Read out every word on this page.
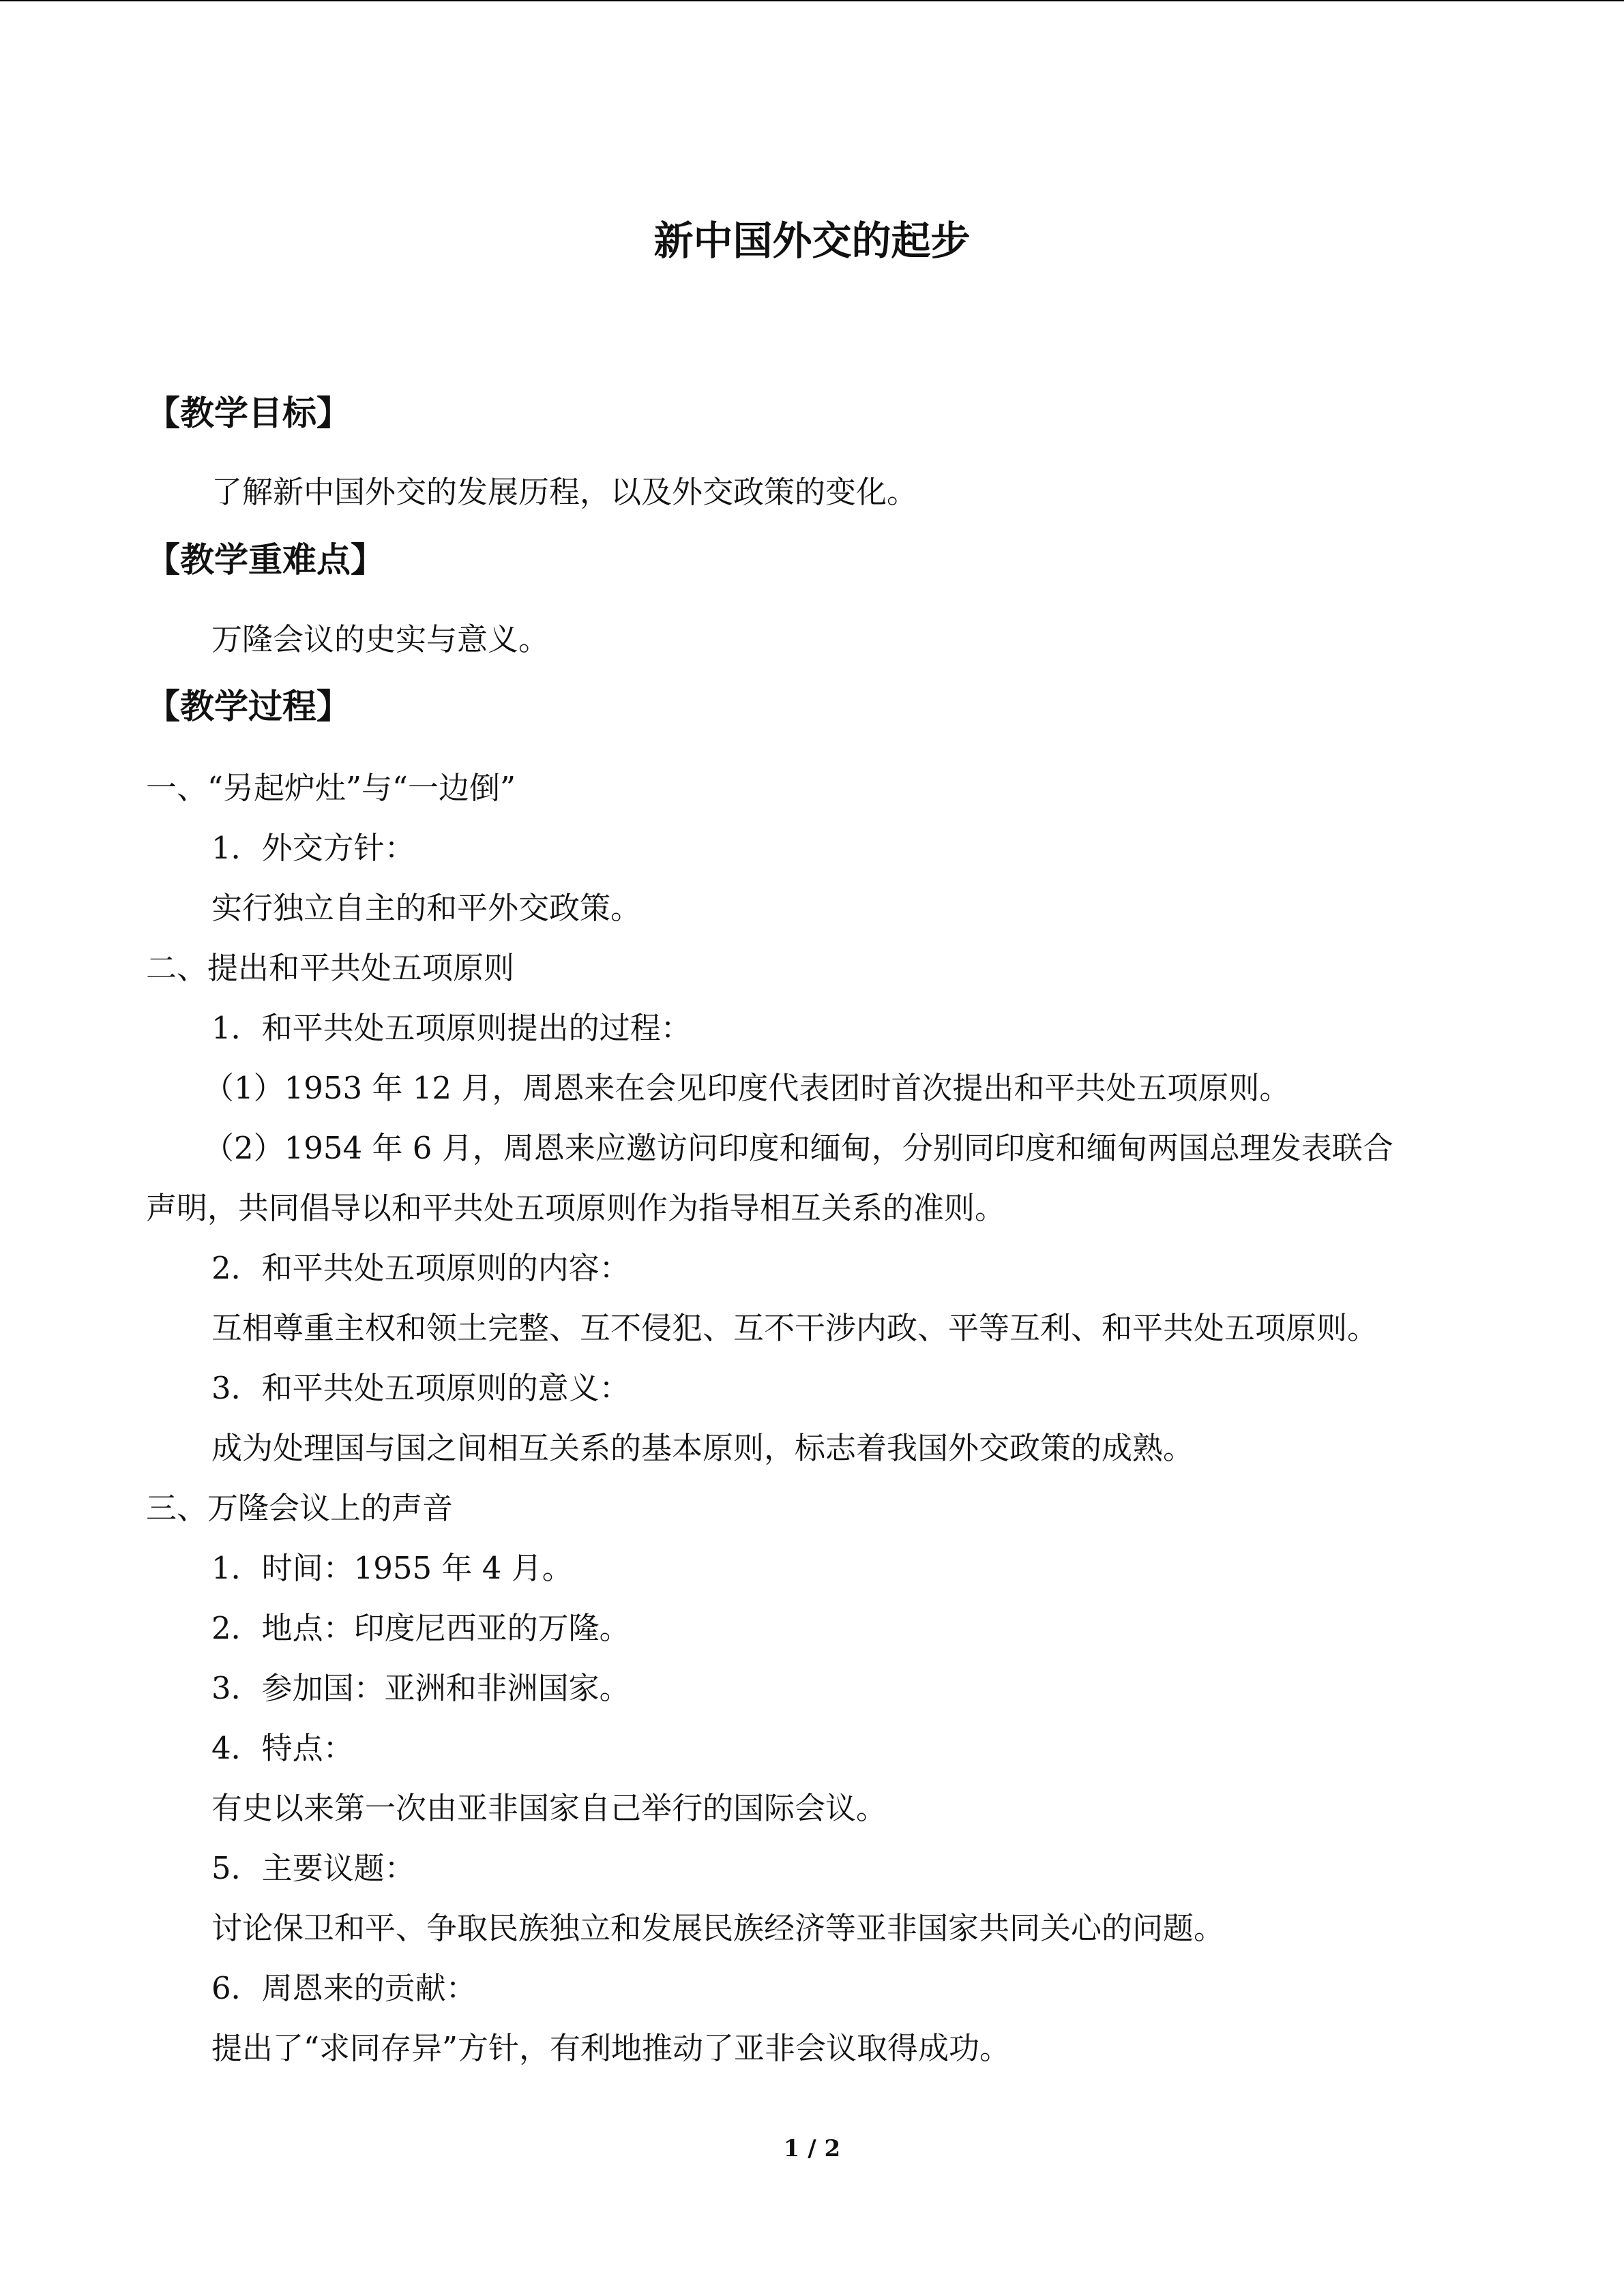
新中国外交的起步
【教学目标】
了解新中国外交的发展历程，以及外交政策的变化。
【教学重难点】
万隆会议的史实与意义。
【教学过程】
一、“另起炉灶”与“一边倒”
1．外交方针：
实行独立自主的和平外交政策。
二、提出和平共处五项原则
1．和平共处五项原则提出的过程：
（1）1953 年 12 月，周恩来在会见印度代表团时首次提出和平共处五项原则。
（2）1954 年 6 月，周恩来应邀访问印度和缅甸，分别同印度和缅甸两国总理发表联合
声明，共同倡导以和平共处五项原则作为指导相互关系的准则。
2．和平共处五项原则的内容：
互相尊重主权和领土完整、互不侵犯、互不干涉内政、平等互利、和平共处五项原则。
3．和平共处五项原则的意义：
成为处理国与国之间相互关系的基本原则，标志着我国外交政策的成熟。
三、万隆会议上的声音
1．时间：1955 年 4 月。
2．地点：印度尼西亚的万隆。
3．参加国：亚洲和非洲国家。
4．特点：
有史以来第一次由亚非国家自己举行的国际会议。
5．主要议题：
讨论保卫和平、争取民族独立和发展民族经济等亚非国家共同关心的问题。
6．周恩来的贡献：
提出了“求同存异”方针，有利地推动了亚非会议取得成功。
1 / 2
